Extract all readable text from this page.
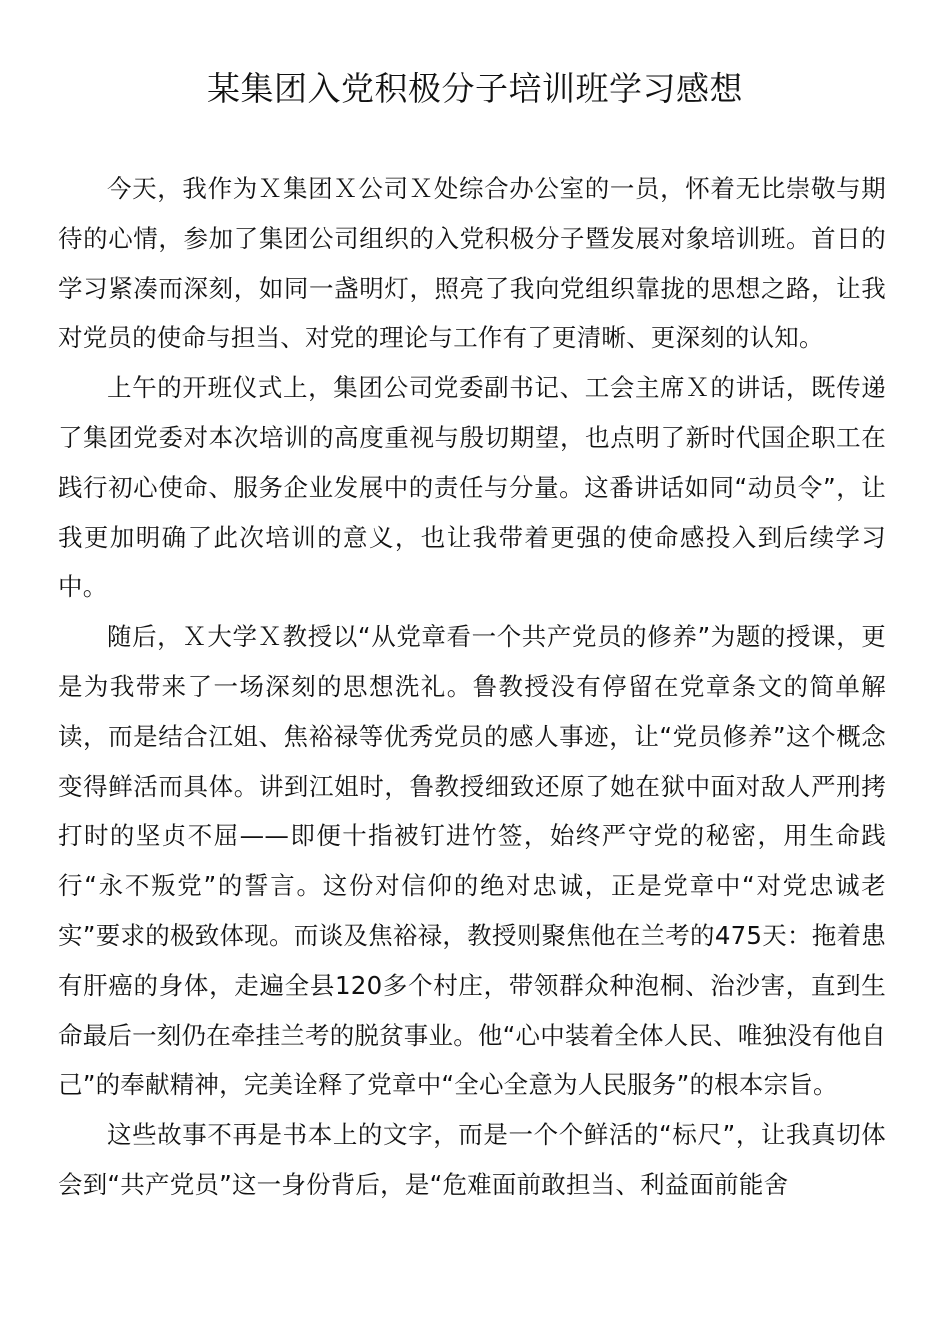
某集团入党积极分子培训班学习感想

今天，我作为Ｘ集团Ｘ公司Ｘ处综合办公室的一员，怀着无比崇敬与期待的心情，参加了集团公司组织的入党积极分子暨发展对象培训班。首日的学习紧凑而深刻，如同一盏明灯，照亮了我向党组织靠拢的思想之路，让我对党员的使命与担当、对党的理论与工作有了更清晰、更深刻的认知。

上午的开班仪式上，集团公司党委副书记、工会主席Ｘ的讲话，既传递了集团党委对本次培训的高度重视与殷切期望，也点明了新时代国企职工在践行初心使命、服务企业发展中的责任与分量。这番讲话如同“动员令”，让我更加明确了此次培训的意义，也让我带着更强的使命感投入到后续学习中。

随后，Ｘ大学Ｘ教授以“从党章看一个共产党员的修养”为题的授课，更是为我带来了一场深刻的思想洗礼。鲁教授没有停留在党章条文的简单解读，而是结合江姐、焦裕禄等优秀党员的感人事迹，让“党员修养”这个概念变得鲜活而具体。讲到江姐时，鲁教授细致还原了她在狱中面对敌人严刑拷打时的坚贞不屈——即便十指被钉进竹签，始终严守党的秘密，用生命践行“永不叛党”的誓言。这份对信仰的绝对忠诚，正是党章中“对党忠诚老实”要求的极致体现。而谈及焦裕禄，教授则聚焦他在兰考的475天：拖着患有肝癌的身体，走遍全县120多个村庄，带领群众种泡桐、治沙害，直到生命最后一刻仍在牵挂兰考的脱贫事业。他“心中装着全体人民、唯独没有他自己”的奉献精神，完美诠释了党章中“全心全意为人民服务”的根本宗旨。

这些故事不再是书本上的文字，而是一个个鲜活的“标尺”，让我真切体会到“共产党员”这一身份背后，是“危难面前敢担当、利益面前能舍
